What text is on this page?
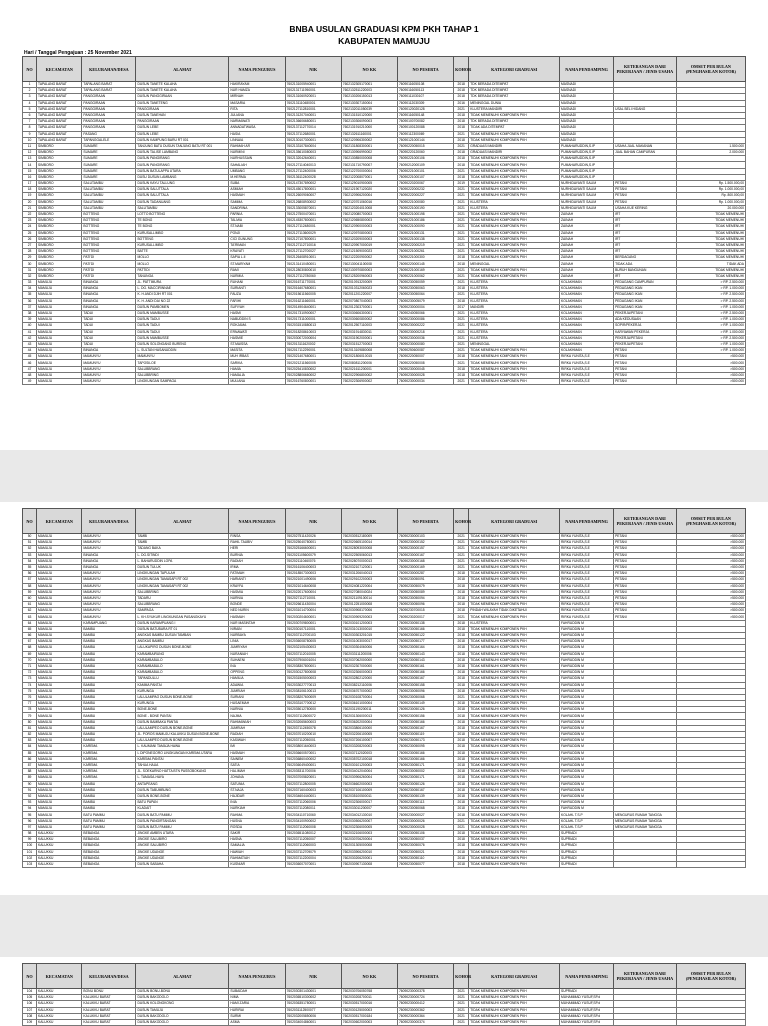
BNBA USULAN GRADUASI KPM PKH TAHAP 1
KABUPATEN MAMUJU
Hari / Tanggal Pengajuan : 25 November 2021
NO	KECAMATAN	KELURAHAN/DESA	ALAMAT	NAMA PENGURUS	NIK	NO KK	NO PESERTA	KOHOR	KATEGORI GRADUASI	NAMA PENDAMPING	KETERANGAN DARI PEKERJAAN / JENIS USAHA	OMSET PER BULAN (PENGHASILAN KOTOR)
1	TAPALANG BARAT	TAPALANG BARAT	DUSUN TANETE KALAHA	HAKIRAYAM	7602131005940001	7602132305170001	76090116050108	2018	TDK BERADA DITEMPAT	MASNADI		
2	TAPALANG BARAT	TAPALANG BARAT	DUSUN TANETE KALAHA	NUR HAMZA	7602131711950001	7602132511220003	76090116050113	2018	TDK BERADA DITEMPAT	MASNADI		
3	TAPALANG BARAT	PANGGIRAAN	DUSUN PANGGIRAAN	MIRNAH	7602131060920001	7602130206150013	76090111030107	2018	TDK BERADA DITEMPAT	MASNADI		
4	TAPALANG BARAT	PANGGIRAAN	DUSUN TANETENG	MASARIA	7602131110480001	7602130307150004	76090112030309	2016	MENINGGAL DUNIA	MASNADI		
5	TAPALANG BARAT	PANGGIRAAN	PANGGIRAAN	RITA	7602127112810001	7602132011050039	76090120020128	2021	KLUSTERA MANDIRI	MASNADI	USAL BELI HIDANG	
6	TAPALANG BARAT	PANGGIRAAN	DUSUN TANEHAN	JULIANA	7602131207040001	7602131510120000	76090116050148	2018	TIDAK MEMENUHI KOMPONEN PKH	MASNADI		
7	TAPALANG BARAT	PANGGIRAAN	PANGGIRAAN	NARMAWATI	7602136606680001	7602130306090003	76090100700082	2018	TDK BERADA DITEMPAT	MASNADI		
8	TAPALANG BARAT	PANGGIRAAN	DUSUN LEBE	ANNADATWASA	7602137112770014	7602131910210000	76090100120088	2018	TIDAK ADA DITEMPAT	MASNADI		
9	TAPALANG BARAT	PASANG	DUSUN LEBE	HASIA	7602137112680001	7602132611160001	76090112300069	2021	TIDAK MEMENUHI KOMPONEN PKH	MASNADI		
10	TAPALANG BARAT	TAPANGGALELE	DUSUN KAMPUNG BARU RT 001	LINNAIA	7602130107300001	7602120906300002	76090121000144	2018	TIDAK MEMENUHI KOMPONEN PKH	MASNADI		
11	SIMBORO	SUMARE	TANJUNG BATU DUSUN TANJUNG BATU RT 001	RAHMAH AR	7602133107840004	7602131808300001	76090220050015	2021	GRADUASI MANDIRI	PUMAHARUDDIN,S.IP	USAHA JUAL MAKANAN	1.500.000
12	SIMBORO	SUMARE	DUSUN TALISE LAMBANG	NURMINI	7602135610080003	7602130906990002	76090220120060	2018	GRADUASI MANDIRI	PUMAHARUDDIN,S.IP	JUAL BAHAN CAMPURAN	2.000.000
13	SIMBORO	SUMARE	DUSUN PANGIRANG	NURHUSSAIN	7602132042640001	7602130850000008	76090221000106	2018	TIDAK MEMENUHI KOMPONEN PKH	PUMAHARUDDIN,S.IP		
14	SIMBORO	SUMARE	DUSUN PANGIRANG	SAHALIAH	7602127114040013	7602131710790007	76090212000109	2018	TIDAK MEMENUHI KOMPONEN PKH	PUMAHARUDDIN,S.IP		
15	SIMBORO	SUMARE	DUSUN BATULAPPA UTARA	UMBANG	7602127112400006	7602122700000004	76090221000101	2021	TIDAK MEMENUHI KOMPONEN PKH	PUMAHARUDDIN,S.IP		
16	SIMBORO	SUMARE	DUSU DUSUN LAMBANG	M.HERMA	7602136112400028	7602122008070001	76090221000107	2018	TIDAK MEMENUHI KOMPONEN PKH	PUMAHARUDDIN,S.IP		
17	SIMBORO	SALUTAMBU	DUSUN KAYU TALLUNG	SUBA	7602147307890002	7602129010900005	76090220200067	2019	TIDAK MEMENUHI KOMPONEN PKH	NURHIDAYANTI SALIM	PETANI	Rp. 1.500.000,00
18	SIMBORO	SALUTAMBU	DUSUN SALUTTALA	ASMIAH	7602145017800001	7602121907120020	76090222000232	2021	TIDAK MEMENUHI KOMPONEN PKH	NURHIDAYANTI SALIM	PETANI	Rp. 1.000.000,00
19	SIMBORO	SALUTAMBU	DUSUN SALUTTALA	HASMAH	7602126009060007	7602120906200004	76090222000227	2021	TIDAK MEMENUHI KOMPONEN PKH	NURHIDAYANTI SALIM	PETANI	Rp. 800.000,00
20	SIMBORO	SALUTAMBU	DUSUN TADANUANG	SAMMA	7602126808930002	7602120701060016	76090221000080	2021	KLUSTERA	NURHIDAYANTI SALIM	PETANI	Rp. 1.000.000,00
21	SIMBORO	SALUTAMBU	SALUTAMBU	SANDRINA	7602133005870001	7602120204010008	76090221000190	2021	KLUSTERA	NURHIDAYANTI SALIM	USAHA KUE KERING	20.000.000
22	SIMBORO	BOTTENG	LOTTO BOTTENG	PARNIA	7602127500470001	7602120080700003	76090221000198	2021	TIDAK MEMENUHI KOMPONEN PKH	ZAINAH	IRT	TIDAK MEMENUHI
23	SIMBORO	BOTTENG	TE BONG	TALMIA	7602145307800001	7602120650800003	76090221000186	2021	TIDAK MEMENUHI KOMPONEN PKH	ZAINAH	IRT	TIDAK MEMENUHI
24	SIMBORO	BOTTENG	TE BONG	ST.NABI	7602127112480001	7602120900000003	76090221000090	2021	TIDAK MEMENUHI KOMPONEN PKH	ZAINAH	IRT	TIDAK MEMENUHI
25	SIMBORO	BOTTENG	KURUSALLIMBO	PONJI	7602127113600029	7602120970800003	76090221000131	2021	TIDAK MEMENUHI KOMPONEN PKH	ZAINAH	IRT	TIDAK MEMENUHI
26	SIMBORO	BOTTENG	BOTTENG	CICI GUNUNG	7602127107800001	7602120209000003	76090221000138	2021	TIDAK MEMENUHI KOMPONEN PKH	ZAINAH	IRT	TIDAK MEMENUHI
27	SIMBORO	BOTTENG	KURUSALLIMBO	TA'RIMAN	7602127112710016	7602120907000019	76090222000219	2021	TIDAK MEMENUHI KOMPONEN PKH	ZAINAH	IRT	TIDAK MEMENUHI
28	SIMBORO	BOTTENG	BATTE	KRAYATI	7602127112700027	7602121509000023	76090221000261	2021	TIDAK MEMENUHI KOMPONEN PKH	ZAINAH	IRT	TIDAK MEMENUHI
29	SIMBORO	PATI'DI	MOLLO	SAPIA L.II	7602126408910001	7602122200900002	76090221000300	2018	TIDAK MEMENUHI KOMPONEN PKH	ZAINAH	BERDAGANG	TIDAK MEMENUHI
30	SIMBORO	PATI'DI	MOLLO	ST.MARIYAM	7602131410450001	7602130041100008	76090220000145	2018	MENINGGAL	ZAINAH	TIDAK ADA	TIDAK ADA
31	SIMBORO	PATI'DI	PATTIDI	RAMI	7602128030800010	7602130970800003	76090221000169	2021	TIDAK MEMENUHI KOMPONEN PKH	ZAINAH	BURUH BANGUNAN	TIDAK MEMENUHI
32	SIMBORO	PATI'DI	TANUNGA	NURMIA	7602127112780060	7602125200960003	76090221000062	2021	TIDAK MEMENUHI KOMPONEN PKH	ZAINAH	IRT	TIDAK MEMENUHI
33	MAMUJU	BINANGA	JL. PATTIMURA	RUHANI	7602016711770001	7602010913200009	76090230050059	2021	KLUSTERA	KOLAKHMAN	PEDAGANG CAMPURAN	> RP. 2.500.000
34	MAMUJU	BINANGA	L. DG. MACCIRINNAE	SURIANTI	7602016407680001	7602010312060023	76090230050063	2018	KLUSTERA	KOLAKHMAN	PEDAGANG IKAN	> RP. 1.000.000
35	MAMUJU	BINANGA	K. H.ANDI DJIH RT 001	FAUZA	7602015611560005	7602011201220007	76090230050064	2021	KLUSTERA	KOLAKHMAN	PEDAGANG IKAN	> RP. 2.500.000
36	MAMUJU	BINANGA	K. H. ANDI DAI NO 22	FARIHI	7602016211660001	7602070807040003	76090230005079	2018	KLUSTERA	KOLAKHMAN	PEDAGANG IKAN	> RP. 2.500.000
37	MAMUJU	BINANGA	DUSUN PAMBOMEN	SUFIYAH	7602014904640001	7602012303700001	76090230000004	2017	MANDIRI	KOLAKHMAN	PEDAGANG IKAN	> RP. 1.000.000
38	MAMUJU	TADUI	DUSUN MAMBUSSE	HASMI	7602017310900007	7602030606300001	76090240050066	2021	KLUSTERA	KOLAKHMAN	PEKERJA/PETANI	> RP. 2.500.000
39	MAMUJU	TADUI	DUSUN TADUI	NABUDDIN S	7602017311000001	7602030600800002	76090230000086	2021	KLUSTERA	KOLAKHMAN	ADA KEDUSAAN	> RP. 1.000.000
40	MAMUJU	TADUI	DUSUN TADUI	ROKJAMA	7602031510880013	7602012507110003	76090230000222	2021	KLUSTERA	KOLAKHMAN	SOPIR/PEKERJA	> RP. 1.000.000
41	MAMUJU	TADUI	DUSUN TADUI	ERNAWATI	7602018208610003	7602031914830011	76090230000218	2021	KLUSTERA	KOLAKHMAN	KARYAWAN PEKERJA	> RP. 1.000.000
42	MAMUJU	TADUI	DUSUN MAMBUSSE	HASMIE	7602030072000004	7602031902000001	76090230000036	2021	KLUSTERA	KOLAKHMAN	PEKERJA/PETANI	> RP. 2.500.000
43	MAMUJU	TADUI	DUSUN SOLONGANG BURENG	ST.MAISSA	7602013111620002	7602031512700003	76090230000080	2021	MENINGGAL	KOLAKHMAN	PEKERJA/PETANI	> RP. 1.000.000
44	MAMUJU	BINANGA	L. SULTAN HASANUDDIN	MASITA	7602017112290001	7602013109880008	76090250600087	2021	TIDAK MEMENUHI KOMPONEN PKH	KOLAKHMAN	PETANI	> RP. 1.000.000
45	MAMUJU	MAMUNYU	MAMUNYU	MUH IRBAS	7602021407680001	7602021806010015	76090220050007	2018	TIDAK MEMENUHI KOMPONEN PKH	RIRKA YUNITA,S.E	PETANI	>500.000
46	MAMUJU	MAMUNYU	TAPOSILOE	SARIKA	7602021211560005	7602080811200006	76090220050008	2021	TIDAK MEMENUHI KOMPONEN PKH	RIRKA YUNITA,S.E	PETANI	>500.000
47	MAMUJU	MAMUNYU	SALUBBRANG	HAMIA	7602025410830002	7602021611200001	76090230000045	2018	TIDAK MEMENUHI KOMPONEN PKH	RIRKA YUNITA,S.E	PETANI	>500.000
48	MAMUJU	MAMUNYU	SALUBBRING	HAMALIA	7602028806660002	7602022906800002	76090230000028	2018	TIDAK MEMENUHI KOMPONEN PKH	RIRKA YUNITA,S.E	PETANI	>500.000
49	MAMUJU	MAMUNYU	LINGKUNGAN SAMPAGA	MULIANA	7602016760800001	7602022306900002	76090230000034	2021	TIDAK MEMENUHI KOMPONEN PKH	RIRKA YUNITA,S.E	PETANI	>500.000
NO	KECAMATAN	KELURAHAN/DESA	ALAMAT	NAMA PENGURUS	NIK	NO KK	NO PESERTA	KOHOR	KATEGORI GRADUASI	NAMA PENDAMPING	KETERANGAN DARI PEKERJAAN / JENIS USAHA	OMSET PER BULAN (PENGHASILAN KOTOR)
50	MAMUJU	MAMUNYU	TAMBI	RINSA	7602027511420026	7602030512180009	76090230000103	2021	TIDAK MEMENUHI KOMPONEN PKH	RIRKA YUNITA,S.E	PETANI	>500.000
51	MAMUJU	MAMUNYU	TAMBI	RAHIL TAUBIV	7602025040780001	7602020605100014	76090230000152	2021	TIDAK MEMENUHI KOMPONEN PKH	RIRKA YUNITA,S.E	PETANI	>500.000
52	MAMUJU	MAMUNYU	TADANG BAKA	HERI	7602025166600001	7602028093000008	76090230000157	2021	TIDAK MEMENUHI KOMPONEN PKH	RIRKA YUNITA,S.E	PETANI	>500.000
53	MAMUJU	BINANGA	L. DG.SITINDI	BURNIA	7602021105600079	7602022505060013	76090230000167	2021	TIDAK MEMENUHI KOMPONEN PKH	RIRKA YUNITA,S.E	PETANI	>500.000
54	MAMUJU	BINANGA	L. BAHARUDDIN LOPA	RADIAH	7602021110460076	7602028070000013	76090230000168	2021	TIDAK MEMENUHI KOMPONEN PKH	RIRKA YUNITA,S.E	PETANI	>500.000
55	MAMUJU	BINANGA	DUSUN TULUK	IRMA	7602016106400003	7602032107120001	76090230000169	2021	TIDAK MEMENUHI KOMPONEN PKH	RIRKA YUNITA,S.E	PETANI	>500.000
56	MAMUJU	MAMUNYU	LINGKUNGAN TAPULAH	FATIMAH	7602018507300003	7602031206040013	76090230000287	2018	TIDAK MEMENUHI KOMPONEN PKH	RIRKA YUNITA,S.E	PETANI	>500.000
57	MAMUJU	MAMUNYU	LINGKUNGAN TAMASAPI RT 002	HARIANTI	7602021001490006	7602029102200003	76090230050091	2018	TIDAK MEMENUHI KOMPONEN PKH	RIRKA YUNITA,S.E	PETANI	>500.000
58	MAMUJU	MAMUNYU	LINGKUNGAN TAMASAPI RT 002	KRAYFA	7602021014640008	7602024081220004	76090230050079	2018	TIDAK MEMENUHI KOMPONEN PKH	RIRKA YUNITA,S.E	PETANI	>500.000
59	MAMUJU	MAMUNYU	SALUBBRING	HASMIA	7602022017600004	7602027080040024	76090230050089	2018	TIDAK MEMENUHI KOMPONEN PKH	RIRKA YUNITA,S.E	PETANI	>500.000
60	MAMUJU	MAMUNYU	TADARU	NURNIA	7602027112710001	7602021109100014	76090230050094	2018	TIDAK MEMENUHI KOMPONEN PKH	RIRKA YUNITA,S.E	PETANI	>500.000
61	MAMUJU	MAMUNYU	SALUBBRANG	BONDE	7602026611430004	7602012251000008	76090230050096	2018	TIDAK MEMENUHI KOMPONEN PKH	RIRKA YUNITA,S.E	PETANI	>500.000
62	MAMUJU	MAMUNYU	SAMPAGA	NED NURIN	7602031014700004	7602030908170006	76090230700015	2018	PINDAH WILAYAH TIDAK DIKETAHUI	RIRKA YUNITA,S.E	PETANI	>500.000
63	MAMUJU	MAMUNYU	L. KH.SYUKUR LINGKUNGAN PASANGKAYU	HASMAH	7602030204600001	7602030909200003	76090230200017	2021	TIDAK MEMENUHI KOMPONEN PKH	RIRKA YUNITA,S.E	PETANI	>500.000
64	MAMUJU	KARAMPUANG	DUSUN KARAMPUANG I	NUR MASINTAH	7602030709800001	7602030101200003	76090230050138	2018	KLUSTERA	FAHRUDDIN M		
65	MAMUJU	BAMBU	DUSUN BATUBARA RT 01	NIRAIN	7602030107110001	7602031013000010	76090230050166	2018	TIDAK MEMENUHI KOMPONEN PKH	FAHRUDDIN M		
66	MAMUJU	BAMBU	ANGKAS BAMBU DUSUN TAMBAN	NURBAYA	7602037112700103	7602030303201015	76090230050122	2018	TIDAK MEMENUHI KOMPONEN PKH	FAHRUDDIN M		
67	MAMUJU	BAMBU	ANGKAS BAMBU	LINIA	7602036008780005	7602031003000017	76090230050177	2018	TIDAK MEMENUHI KOMPONEN PKH	FAHRUDDIN M		
68	MAMUJU	BAMBU	LALUKAPIRO DUSUN BONE-BONE	JUMRIYAH	7602032105430003	7602030304060006	76090230050164	2018	TIDAK MEMENUHI KOMPONEN PKH	FAHRUDDIN M		
69	MAMUJU	BAMBU	KARAMBAIRUNG	NURANIAH	7602037112010005	7602033111200006	76090230050143	2018	TIDAK MEMENUHI KOMPONEN PKH	FAHRUDDIN M		
70	MAMUJU	BAMBU	KARAMBABULO	SUHAENI	7602037906001004	7602037062000000	76090230050143	2018	TIDAK MEMENUHI KOMPONEN PKH	FAHRUDDIN M		
71	MAMUJU	BAMBU	KARAMBABULO	INA	7602038307800001	7602032307000000	76090230050161	2018	TIDAK MEMENUHI KOMPONEN PKH	FAHRUDDIN M		
72	MAMUJU	BAMBU	KARAMBABULO	OPPENG	7602030127800008	7602032306000003	76090230050166	2018	TIDAK MEMENUHI KOMPONEN PKH	FAHRUDDIN M		
73	MAMUJU	BAMBU	TAPANDULLU	HAMILIA	7602031505000003	7602032802120000	76090230050167	2018	TIDAK MEMENUHI KOMPONEN PKH	FAHRUDDIN M		
74	MAMUJU	BAMBU	KAMMA PANTAI	ADAWIA	7602033027770013	7602038212110006	76090230050158	2018	TIDAK MEMENUHI KOMPONEN PKH	FAHRUDDIN M		
75	MAMUJU	BAMBU	KURUNGA	JUMRIAH	7602038106100013	7602036707000002	76090230050096	2018	TIDAK MEMENUHI KOMPONEN PKH	FAHRUDDIN M		
76	MAMUJU	BAMBU	LALULAMPAO DUSUN BONE-BONE	SURIANI	7602038207600009	7602030108700004	76090230050068	2021	TIDAK MEMENUHI KOMPONEN PKH	FAHRUDDIN M		
77	MAMUJU	BAMBU	KURUNGA	HUSAEMAH	7602033107700012	7602036101000004	76090230050149	2018	TIDAK MEMENUHI KOMPONEN PKH	FAHRUDDIN M		
78	MAMUJU	BAMBU	BONE-BONE	NURNIA	7602035012780000	7602031190200011	76090230050126	2018	TIDAK MEMENUHI KOMPONEN PKH	FAHRUDDIN M		
79	MAMUJU	BAMBU	BONE - BONE PANTAI	NAJMA	7602037112600072	7602031306000013	76090230050156	2018	TIDAK MEMENUHI KOMPONEN PKH	FAHRUDDIN M		
80	MAMUJU	BAMBU	DUSUN BAMBAKA PANTAI	RAHMAWIAH	7602032065600003	7602036202000004	76090230050166	2018	TIDAK MEMENUHI KOMPONEN PKH	FAHRUDDIN M		
81	MAMUJU	BAMBU	LALULAMPEO DUSUN BONE-BONE	JUMRIAH	7602037112450078	7602033806100000	76090230050167	2018	TIDAK MEMENUHI KOMPONEN PKH	FAHRUDDIN M		
82	MAMUJU	BAMBU	JL. POROS MAMUJU KALUKKU DUSUN BONE-BONE	RADIAH	7602037010200010	7602032206100005	76090230050119	2018	TIDAK MEMENUHI KOMPONEN PKH	FAHRUDDIN M		
83	MAMUJU	BAMBU	LALULAMPEO DUSUN BONE-BONE	KASIWAH	7602037112050001	7602037206100007	76090230050173	2018	TIDAK MEMENUHI KOMPONEN PKH	FAHRUDDIN M		
84	MAMUJU	KAREMA	L. KAUMANI TAMAJA HAWA	IMI	7602038001640003	7602033208200003	76090230050095	2018	TIDAK MEMENUHI KOMPONEN PKH	FAHRUDDIN M		
85	MAMUJU	KAREMA	L DIPONEGORO LINGKUNGAN KAREMA UTARA	HASMAH	7602036600570001	7602037112020003	76090230050166	2018	TIDAK MEMENUHI KOMPONEN PKH	FAHRUDDIN M		
86	MAMUJU	KAREMA	KAREMA PANTAI	SAINEM	7602036860400002	7602035702100018	76090230050166	2018	TIDAK MEMENUHI KOMPONEN PKH	FAHRUDDIN M		
87	MAMUJU	KAREMA	TAHUA HAUA	SATIA	7602036049400001	7602030101200003	76090230050171	2018	TIDAK MEMENUHI KOMPONEN PKH	FAHRUDDIN M		
88	MAMUJU	KAREMA	JL. SOEKARNO HATTA BTN PASSOBOKANG	HALIMAH	7602035311700006	7602034012040004	76090230050002	2018	TIDAK MEMENUHI KOMPONEN PKH	FAHRUDDIN M		
89	MAMUJU	KAREMA	L. TAMASA-HAYA	JOHANA	7602037005820001	7602030906260004	76090230050171	2018	TIDAK MEMENUHI KOMPONEN PKH	FAHRUDDIN M		
90	MAMUJU	BAMBU	ANTAPEANG	SATUNIA	7602037112800005	7602036602000003	76090230050126	2018	TIDAK MEMENUHI KOMPONEN PKH	FAHRUDDIN M		
91	MAMUJU	BAMBU	DUSUN TABUMBUNG	ST.NAJA	7602037160400003	7602037106100009	76090230050167	2018	TIDAK MEMENUHI KOMPONEN PKH	FAHRUDDIN M		
92	MAMUJU	BAMBU	DUSUN BONE-BONE	HAJIDAR	7602034604440001	7602035100500011	76090230050139	2018	TIDAK MEMENUHI KOMPONEN PKH	FAHRUDDIN M		
93	MAMUJU	BAMBU	BATU PAPAN	INIA	7602037112060006	7602032306000017	76090230050113	2018	TIDAK MEMENUHI KOMPONEN PKH	FAHRUDDIN M		
94	MAMUJU	BAMBU	KLADAIT	NURKIAH	7602037112080011	7602033011200007	76090230050068	2018	TIDAK MEMENUHI KOMPONEN PKH	FAHRUDDIN M		
95	MAMUJU	BATU PAMMU	DUSUN BATU PAMMU	RAHMA	7602034110710060	7602034012130010	76090230000027	2018	TIDAK MEMENUHI KOMPONEN PKH	KOLAHL T.S.P	MENGURUS RUMAH TANGGA	
96	MAMUJU	BATU PAMMU	DUSUN PANGIRTANGAN	HUSNA	7602034100900002	7602030506200007	76090230000026	2021	TIDAK MEMENUHI KOMPONEN PKH	KOLAHL T.S.P	MENGURUS RUMAH TANGGA	
97	MAMUJU	BATU PAMMU	DUSUN BATU PAMMU	ROSDA	7602037112060008	7602032306000005	76090230000028	2021	TIDAK MEMENUHI KOMPONEN PKH	KOLAHL T.S.P	MENGURUS RUMAH TANGGA	
98	KALUKKU	BEBANGA	JINGKE AMBEN UTARA	SAKIR	7602036511080012	7602032106000003	76090230050106	2018	TIDAK MEMENUHI KOMPONEN PKH	SUPRIADI		
99	KALUKKU	BEBANGA	JINGKE SALUBIRO	HASNA	7602037112050007	7602030706200004	76090230050037	2018	TIDAK MEMENUHI KOMPONEN PKH	SUPRIADI		
100	KALUKKU	BEBANGA	JINGKE SALUBIRO	SAMALIA	7602037112060003	7602031305000008	76090230050076	2018	TIDAK MEMENUHI KOMPONEN PKH	SUPRIADI		
101	KALUKKU	BEBANGA	JINGKE UDANGE	HAWIAH	7602037112709079	7602033906200010	76090230050021	2018	TIDAK MEMENUHI KOMPONEN PKH	SUPRIADI		
102	KALUKKU	BEBANGA	JINGKE UDANGE	RAHMATIAH	7602037112200004	7602030206200001	76090230050110	2018	TIDAK MEMENUHI KOMPONEN PKH	SUPRIADI		
103	KALUKKU	BEBANGA	DUSUN SABAHA	KUSNIAR	7602036007070001	7602030907130008	76090230050077	2018	TIDAK MEMENUHI KOMPONEN PKH	SUPRIADI		
NO	KECAMATAN	KELURAHAN/DESA	ALAMAT	NAMA PENGURUS	NIK	NO KK	NO PESERTA	KOHOR	KATEGORI GRADUASI	NAMA PENDAMPING	KETERANGAN DARI PEKERJAAN / JENIS USAHA	OMSET PER BULAN (PENGHASILAN KOTOR)
104	KALUKKU	BONU BONU	DUSUN BONU-BONU	SUBAIDAH	7602030301430001	7602030706050768	76090230000378	2021	TIDAK MEMENUHI KOMPONEN PKH	SUPRIADI		
105	KALUKKU	KALUKKU BARAT	DUSUN BAKODOLO	NIMA	7602036510300002	7602030208700011	76090230000724	2021	TIDAK MEMENUHI KOMPONEN PKH	MUHAMMAD YUSUF,SP.d		
106	KALUKKU	KALUKKU BARAT	DUSUN KOLONGKONG	HAMI ZARIA	7602036351780001	7602030517000016	76090230000412	2021	TIDAK MEMENUHI KOMPONEN PKH	MUHAMMAD YUSUF,SP.d		
107	KALUKKU	KALUKKU BARAT	DUSUN TAMUJU	HURIRAI	7602031112500077	7602030125000003	76090230000362	2021	TIDAK MEMENUHI KOMPONEN PKH	MUHAMMAD YUSUF,SP.d		
108	KALUKKU	KALUKKU BARAT	DUSUN BAKODOLO	SURMI	7602032005850006	7602030517000184	76090230000364	2021	TIDAK MEMENUHI KOMPONEN PKH	MUHAMMAD YUSUF,SP.d		
109	KALUKKU	KALUKKU BARAT	DUSUN BAKODOLO	ASMA	7602034004860001	7602030602000003	76090230000374	2021	TIDAK MEMENUHI KOMPONEN PKH	MUHAMMAD YUSUF,SP.d		
